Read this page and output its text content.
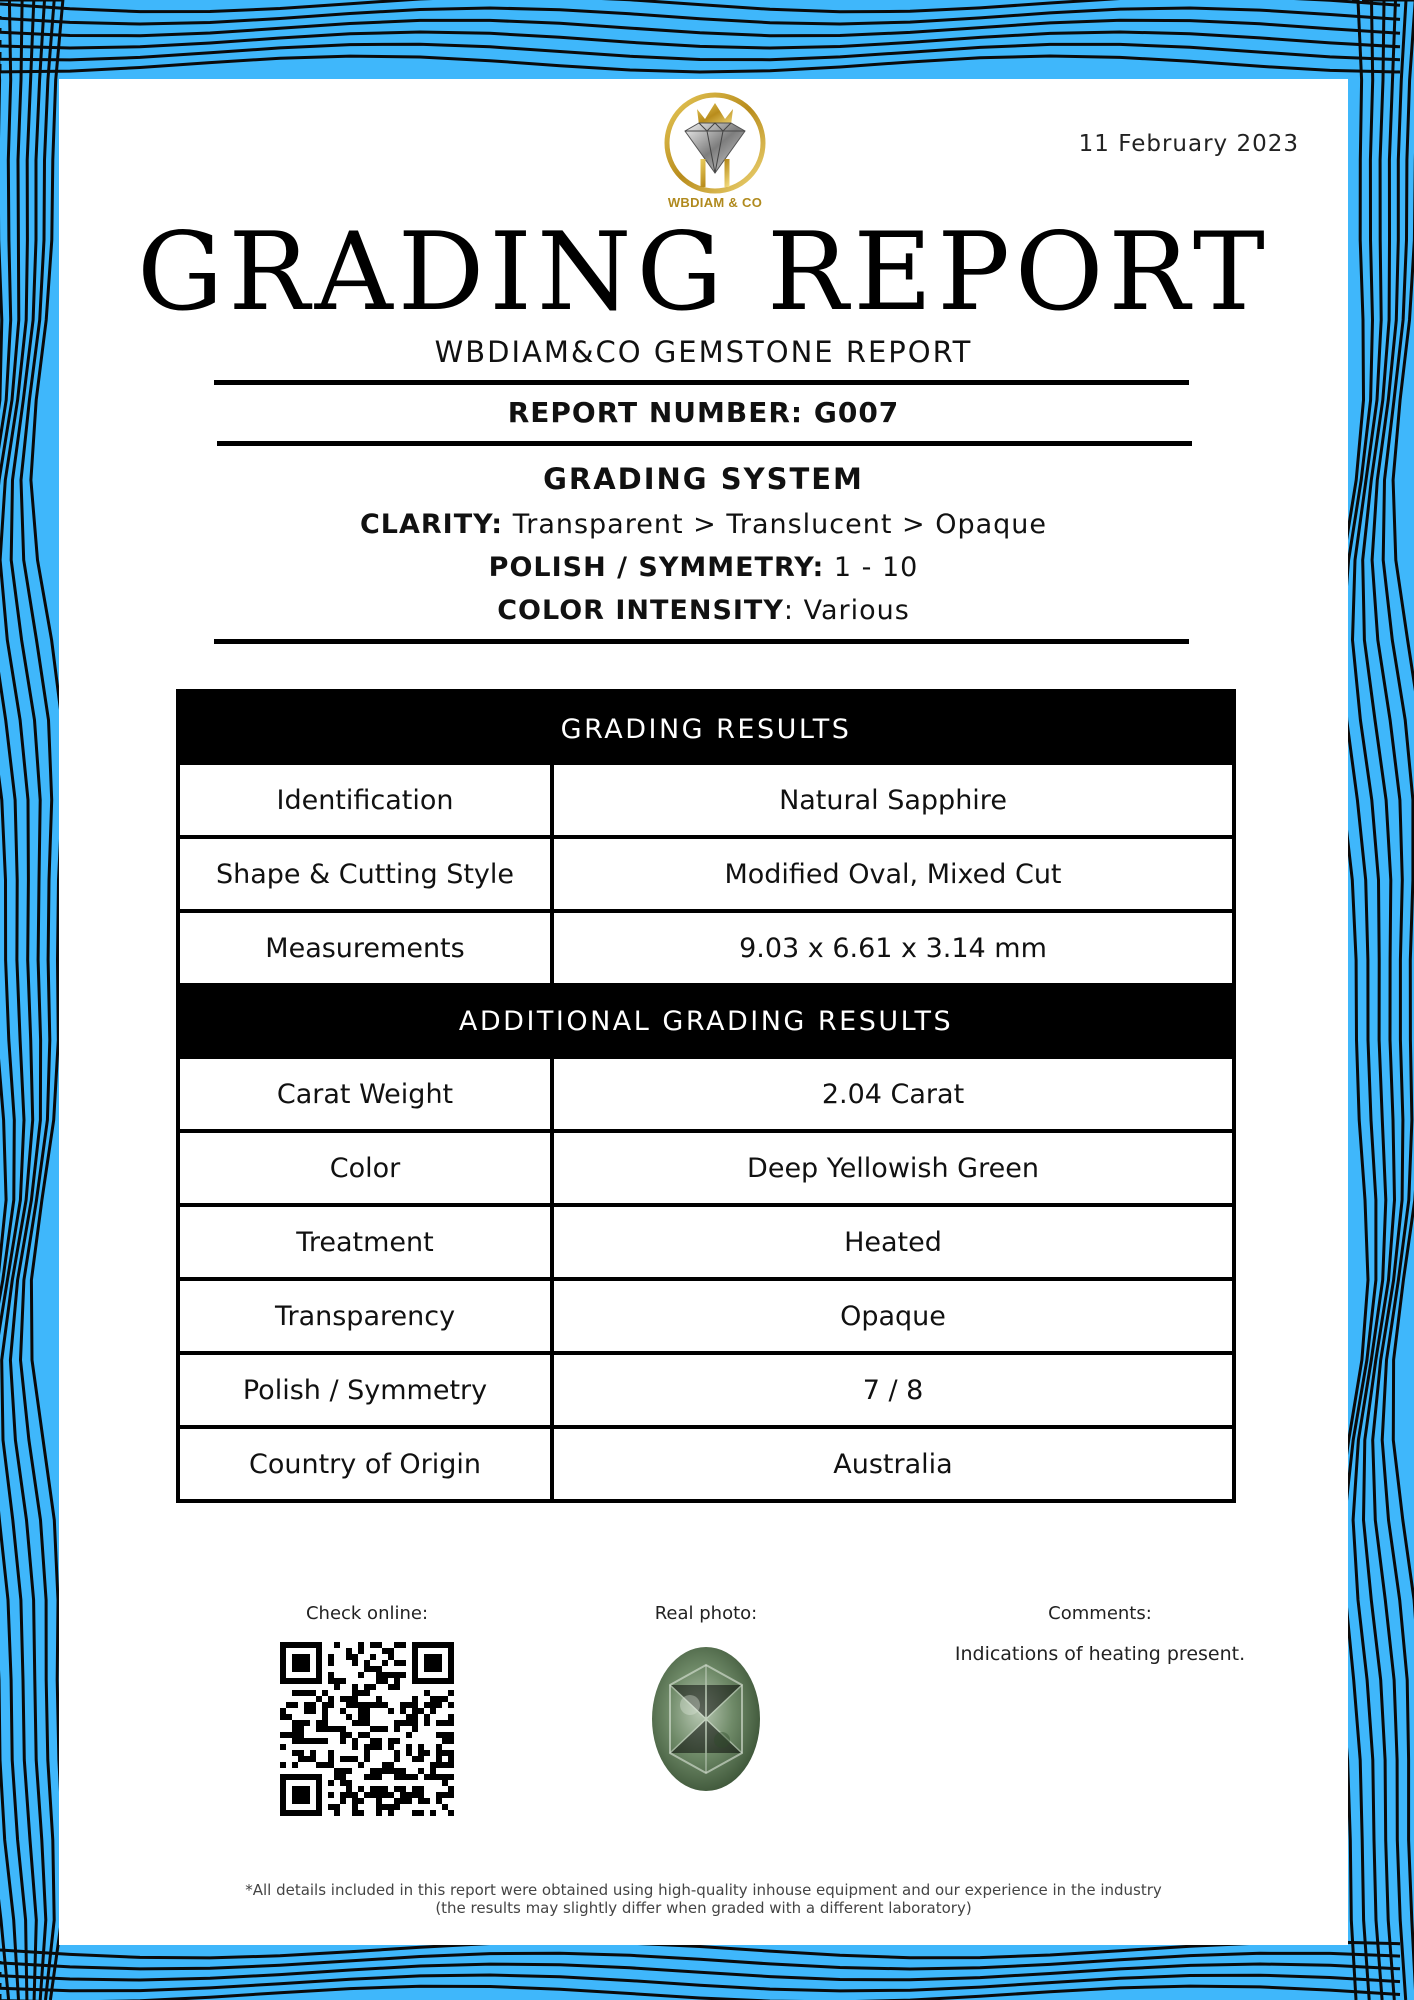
WBDIAM & CO
11 February 2023
GRADING REPORT
WBDIAM&CO GEMSTONE REPORT
REPORT NUMBER: G007
GRADING SYSTEM
CLARITY: Transparent > Translucent > Opaque
POLISH / SYMMETRY: 1 - 10
COLOR INTENSITY: Various
GRADING RESULTS
Identification	Natural Sapphire
Shape & Cutting Style	Modified Oval, Mixed Cut
Measurements	9.03 x 6.61 x 3.14 mm
ADDITIONAL GRADING RESULTS
Carat Weight	2.04 Carat
Color	Deep Yellowish Green
Treatment	Heated
Transparency	Opaque
Polish / Symmetry	7 / 8
Country of Origin	Australia
Check online:	Real photo:	Comments:
Indications of heating present.
*All details included in this report were obtained using high-quality inhouse equipment and our experience in the industry
(the results may slightly differ when graded with a different laboratory)
